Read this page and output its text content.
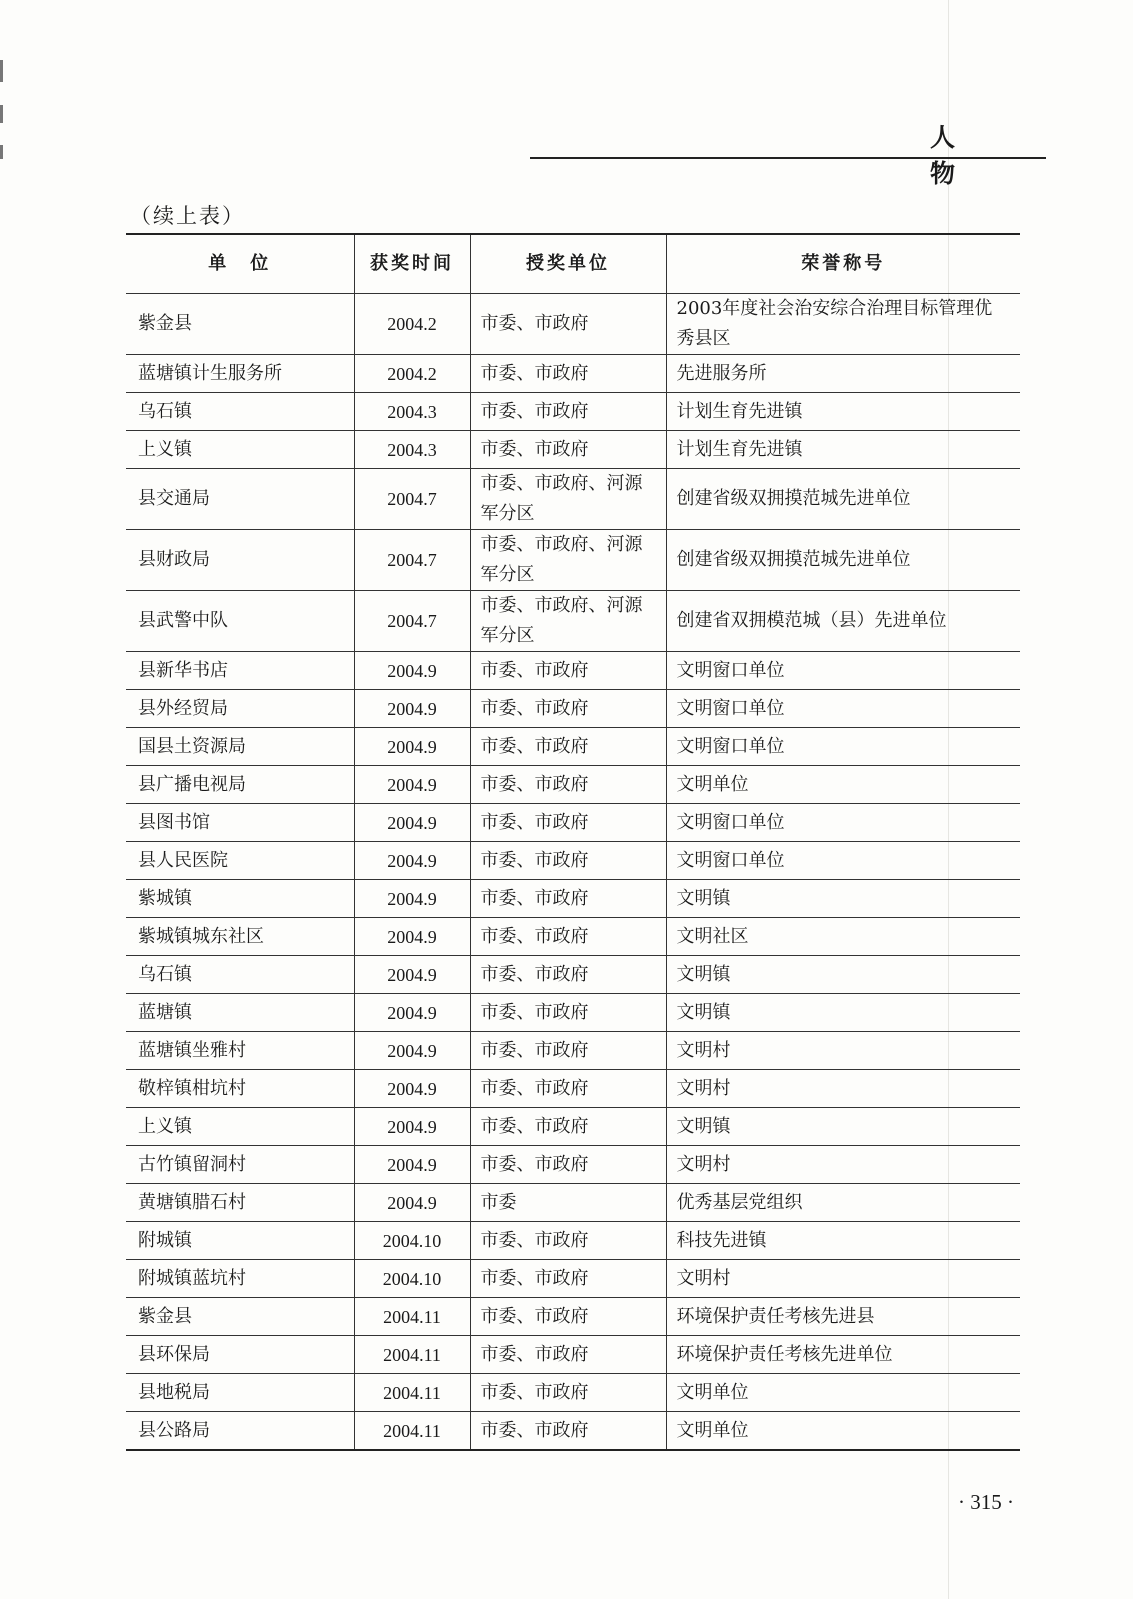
人物
（续上表）
单　位	获奖时间	授奖单位	荣誉称号
紫金县	2004.2	市委、市政府	2003年度社会治安综合治理目标管理优秀县区
蓝塘镇计生服务所	2004.2	市委、市政府	先进服务所
乌石镇	2004.3	市委、市政府	计划生育先进镇
上义镇	2004.3	市委、市政府	计划生育先进镇
县交通局	2004.7	市委、市政府、河源军分区	创建省级双拥摸范城先进单位
县财政局	2004.7	市委、市政府、河源军分区	创建省级双拥摸范城先进单位
县武警中队	2004.7	市委、市政府、河源军分区	创建省双拥模范城（县）先进单位
县新华书店	2004.9	市委、市政府	文明窗口单位
县外经贸局	2004.9	市委、市政府	文明窗口单位
国县土资源局	2004.9	市委、市政府	文明窗口单位
县广播电视局	2004.9	市委、市政府	文明单位
县图书馆	2004.9	市委、市政府	文明窗口单位
县人民医院	2004.9	市委、市政府	文明窗口单位
紫城镇	2004.9	市委、市政府	文明镇
紫城镇城东社区	2004.9	市委、市政府	文明社区
乌石镇	2004.9	市委、市政府	文明镇
蓝塘镇	2004.9	市委、市政府	文明镇
蓝塘镇坐雅村	2004.9	市委、市政府	文明村
敬梓镇柑坑村	2004.9	市委、市政府	文明村
上义镇	2004.9	市委、市政府	文明镇
古竹镇留洞村	2004.9	市委、市政府	文明村
黄塘镇腊石村	2004.9	市委	优秀基层党组织
附城镇	2004.10	市委、市政府	科技先进镇
附城镇蓝坑村	2004.10	市委、市政府	文明村
紫金县	2004.11	市委、市政府	环境保护责任考核先进县
县环保局	2004.11	市委、市政府	环境保护责任考核先进单位
县地税局	2004.11	市委、市政府	文明单位
县公路局	2004.11	市委、市政府	文明单位
· 315 ·
